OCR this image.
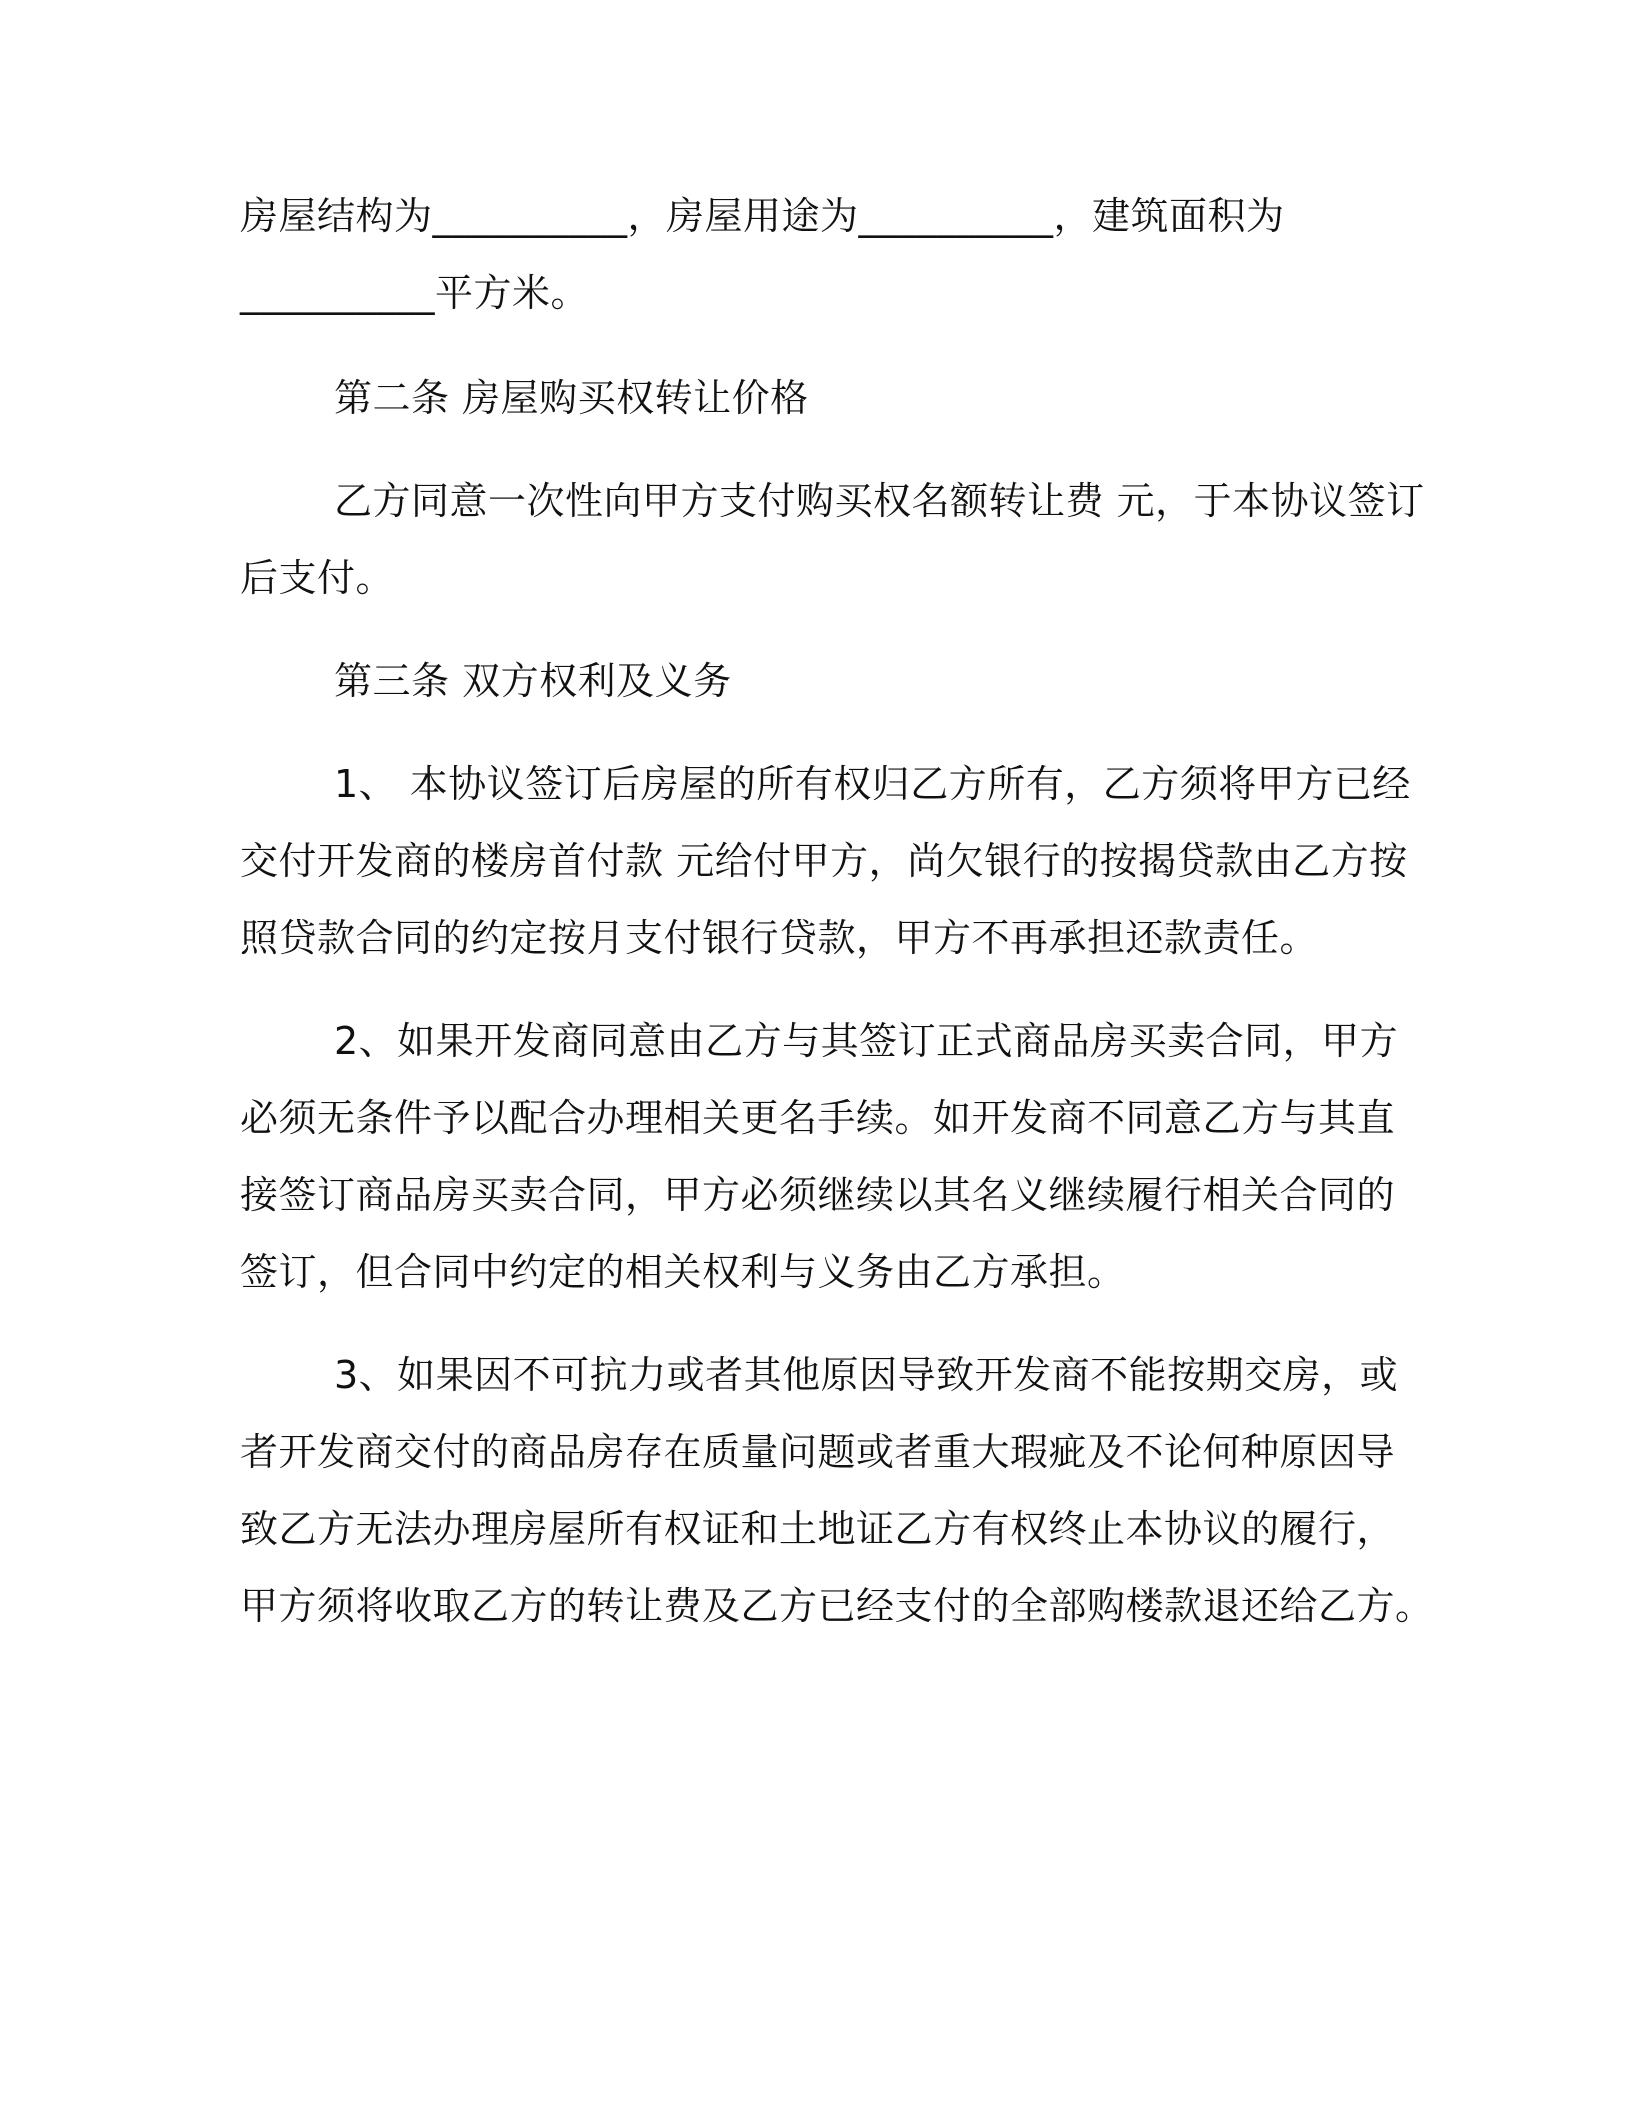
房屋结构为__________，房屋用途为__________，建筑面积为
__________平方米。
第二条 房屋购买权转让价格
乙方同意一次性向甲方支付购买权名额转让费 元，于本协议签订
后支付。
第三条 双方权利及义务
1、 本协议签订后房屋的所有权归乙方所有，乙方须将甲方已经
交付开发商的楼房首付款 元给付甲方，尚欠银行的按揭贷款由乙方按
照贷款合同的约定按月支付银行贷款，甲方不再承担还款责任。
2、如果开发商同意由乙方与其签订正式商品房买卖合同，甲方
必须无条件予以配合办理相关更名手续。如开发商不同意乙方与其直
接签订商品房买卖合同，甲方必须继续以其名义继续履行相关合同的
签订，但合同中约定的相关权利与义务由乙方承担。
3、如果因不可抗力或者其他原因导致开发商不能按期交房，或
者开发商交付的商品房存在质量问题或者重大瑕疵及不论何种原因导
致乙方无法办理房屋所有权证和土地证乙方有权终止本协议的履行，
甲方须将收取乙方的转让费及乙方已经支付的全部购楼款退还给乙方。
